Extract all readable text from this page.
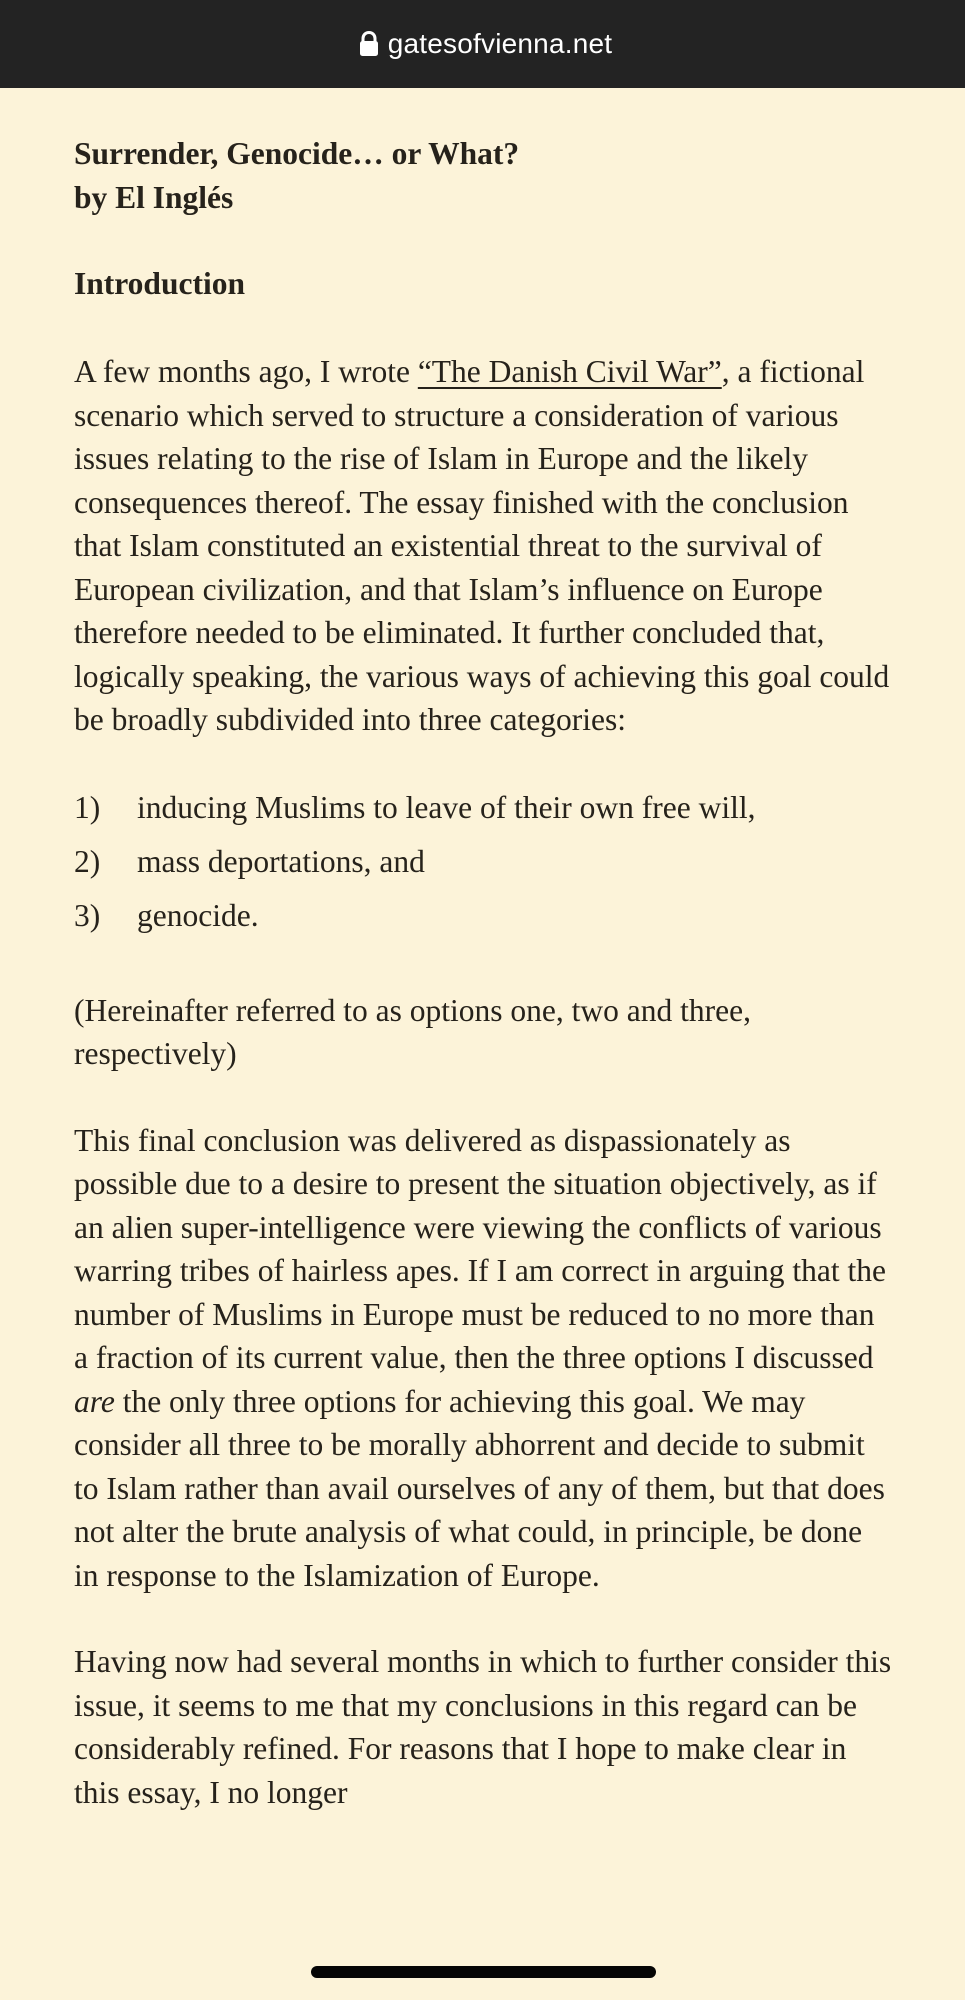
gatesofvienna.net
Surrender, Genocide… or What?
by El Inglés
Introduction

A few months ago, I wrote “The Danish Civil War”, a fictional scenario which served to structure a consideration of various issues relating to the rise of Islam in Europe and the likely consequences thereof. The essay finished with the conclusion that Islam constituted an existential threat to the survival of European civilization, and that Islam’s influence on Europe therefore needed to be eliminated. It further concluded that, logically speaking, the various ways of achieving this goal could be broadly subdivided into three categories:

1)	inducing Muslims to leave of their own free will,
2)	mass deportations, and
3)	genocide.

(Hereinafter referred to as options one, two and three, respectively)

This final conclusion was delivered as dispassionately as possible due to a desire to present the situation objectively, as if an alien super-intelligence were viewing the conflicts of various warring tribes of hairless apes. If I am correct in arguing that the number of Muslims in Europe must be reduced to no more than a fraction of its current value, then the three options I discussed are the only three options for achieving this goal. We may consider all three to be morally abhorrent and decide to submit to Islam rather than avail ourselves of any of them, but that does not alter the brute analysis of what could, in principle, be done in response to the Islamization of Europe.

Having now had several months in which to further consider this issue, it seems to me that my conclusions in this regard can be considerably refined. For reasons that I hope to make clear in this essay, I no longer
